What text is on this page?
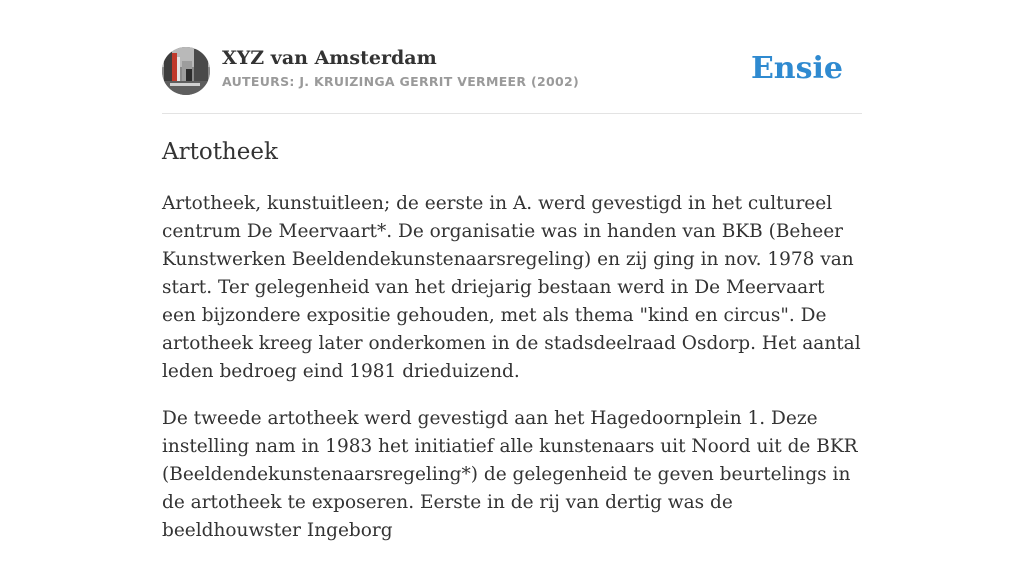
XYZ van Amsterdam
AUTEURS: J. KRUIZINGA GERRIT VERMEER (2002)	Ensie
Artotheek

Artotheek, kunstuitleen; de eerste in A. werd gevestigd in het cultureel centrum De Meervaart*. De organisatie was in handen van BKB (Beheer Kunstwerken Beeldendekunstenaarsregeling) en zij ging in nov. 1978 van start. Ter gelegenheid van het driejarig bestaan werd in De Meervaart een bijzondere expositie gehouden, met als thema "kind en circus". De artotheek kreeg later onderkomen in de stadsdeelraad Osdorp. Het aantal leden bedroeg eind 1981 drieduizend.

De tweede artotheek werd gevestigd aan het Hagedoornplein 1. Deze instelling nam in 1983 het initiatief alle kunstenaars uit Noord uit de BKR (Beeldendekunstenaarsregeling*) de gelegenheid te geven beurtelings in de artotheek te exposeren. Eerste in de rij van dertig was de beeldhouwster Ingeborg
